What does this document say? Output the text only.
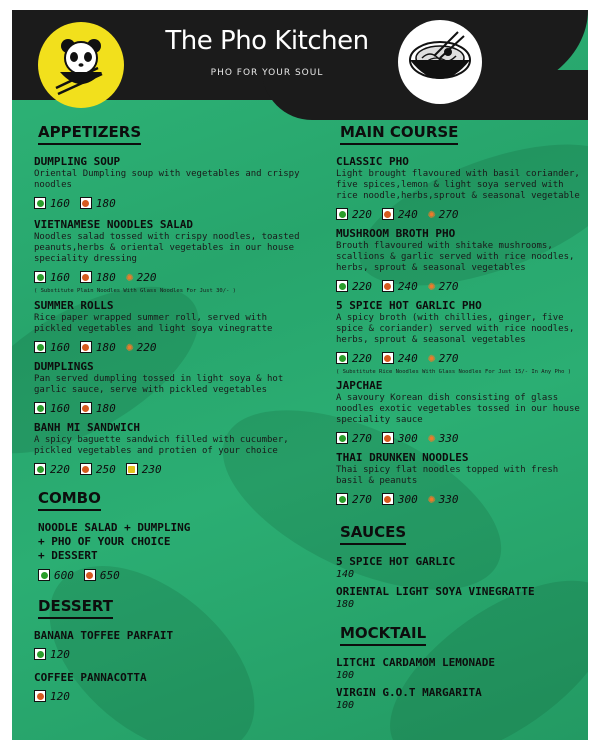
The Pho Kitchen
PHO FOR YOUR SOUL
APPETIZERS
DUMPLING SOUP
Oriental Dumpling soup with vegetables and crispy noodles
160 180
VIETNAMESE NOODLES SALAD
Noodles salad tossed with crispy noodles, toasted peanuts,herbs & oriental vegetables in our house speciality dressing
160 180 ✺ 220
( Substitute Plain Noodles With Glass Noodles For Just 30/- )
SUMMER ROLLS
Rice paper wrapped summer roll, served with pickled vegetables and light soya vinegratte
160 180 ✺ 220
DUMPLINGS
Pan served dumpling tossed in light soya & hot garlic sauce, serve with pickled vegetables
160 180
BANH MI SANDWICH
A spicy baguette sandwich filled with cucumber, pickled vegetables and protien of your choice
220 250 230
COMBO
NOODLE SALAD + DUMPLING
+ PHO OF YOUR CHOICE
+ DESSERT
600 650
DESSERT
BANANA TOFFEE PARFAIT
120
COFFEE PANNACOTTA
120
MAIN COURSE
CLASSIC PHO
Light brought flavoured with basil coriander, five spices,lemon & light soya served with rice noodle,herbs,sprout & seasonal vegetable
220 240 ✺ 270
MUSHROOM BROTH PHO
Brouth flavoured with shitake mushrooms, scallions & garlic served with rice noodles, herbs, sprout & seasonal vegetables
220 240 ✺ 270
5 SPICE HOT GARLIC PHO
A spicy broth (with chillies, ginger, five spice & coriander) served with rice noodles, herbs, sprout & seasonal vegetables
220 240 ✺ 270
( Substitute Rice Noodles With Glass Noodles For Just 15/- In Any Pho )
JAPCHAE
A savoury Korean dish consisting of glass noodles exotic vegetables tossed in our house speciality sauce
270 300 ✺ 330
THAI DRUNKEN NOODLES
Thai spicy flat noodles topped with fresh basil & peanuts
270 300 ✺ 330
SAUCES
5 SPICE HOT GARLIC
140
ORIENTAL LIGHT SOYA VINEGRATTE
180
MOCKTAIL
LITCHI CARDAMOM LEMONADE
100
VIRGIN G.O.T MARGARITA
100
